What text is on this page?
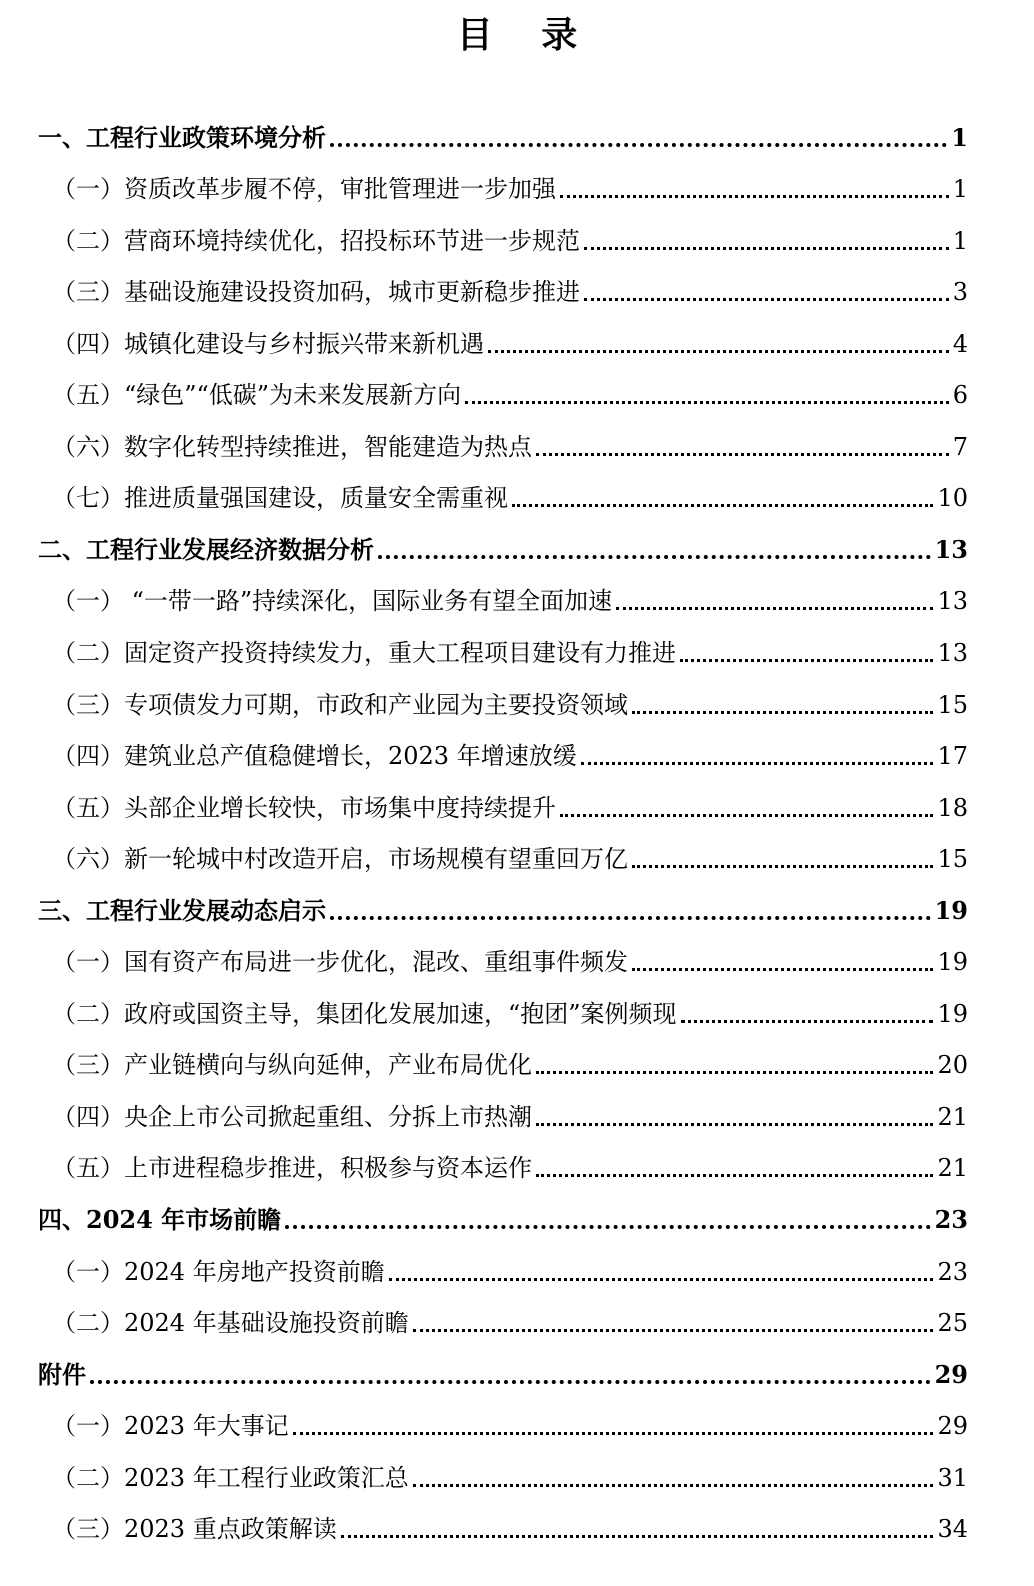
目 录
一、工程行业政策环境分析	1
（一）资质改革步履不停，审批管理进一步加强	1
（二）营商环境持续优化，招投标环节进一步规范	1
（三）基础设施建设投资加码，城市更新稳步推进	3
（四）城镇化建设与乡村振兴带来新机遇	4
（五）“绿色”“低碳”为未来发展新方向	6
（六）数字化转型持续推进，智能建造为热点	7
（七）推进质量强国建设，质量安全需重视	10
二、工程行业发展经济数据分析	13
（一） “一带一路”持续深化，国际业务有望全面加速	13
（二）固定资产投资持续发力，重大工程项目建设有力推进	13
（三）专项债发力可期，市政和产业园为主要投资领域	15
（四）建筑业总产值稳健增长，2023 年增速放缓	17
（五）头部企业增长较快，市场集中度持续提升	18
（六）新一轮城中村改造开启，市场规模有望重回万亿	15
三、工程行业发展动态启示	19
（一）国有资产布局进一步优化，混改、重组事件频发	19
（二）政府或国资主导，集团化发展加速，“抱团”案例频现	19
（三）产业链横向与纵向延伸，产业布局优化	20
（四）央企上市公司掀起重组、分拆上市热潮	21
（五）上市进程稳步推进，积极参与资本运作	21
四、2024 年市场前瞻	23
（一）2024 年房地产投资前瞻	23
（二）2024 年基础设施投资前瞻	25
附件	29
（一）2023 年大事记	29
（二）2023 年工程行业政策汇总	31
（三）2023 重点政策解读	34
